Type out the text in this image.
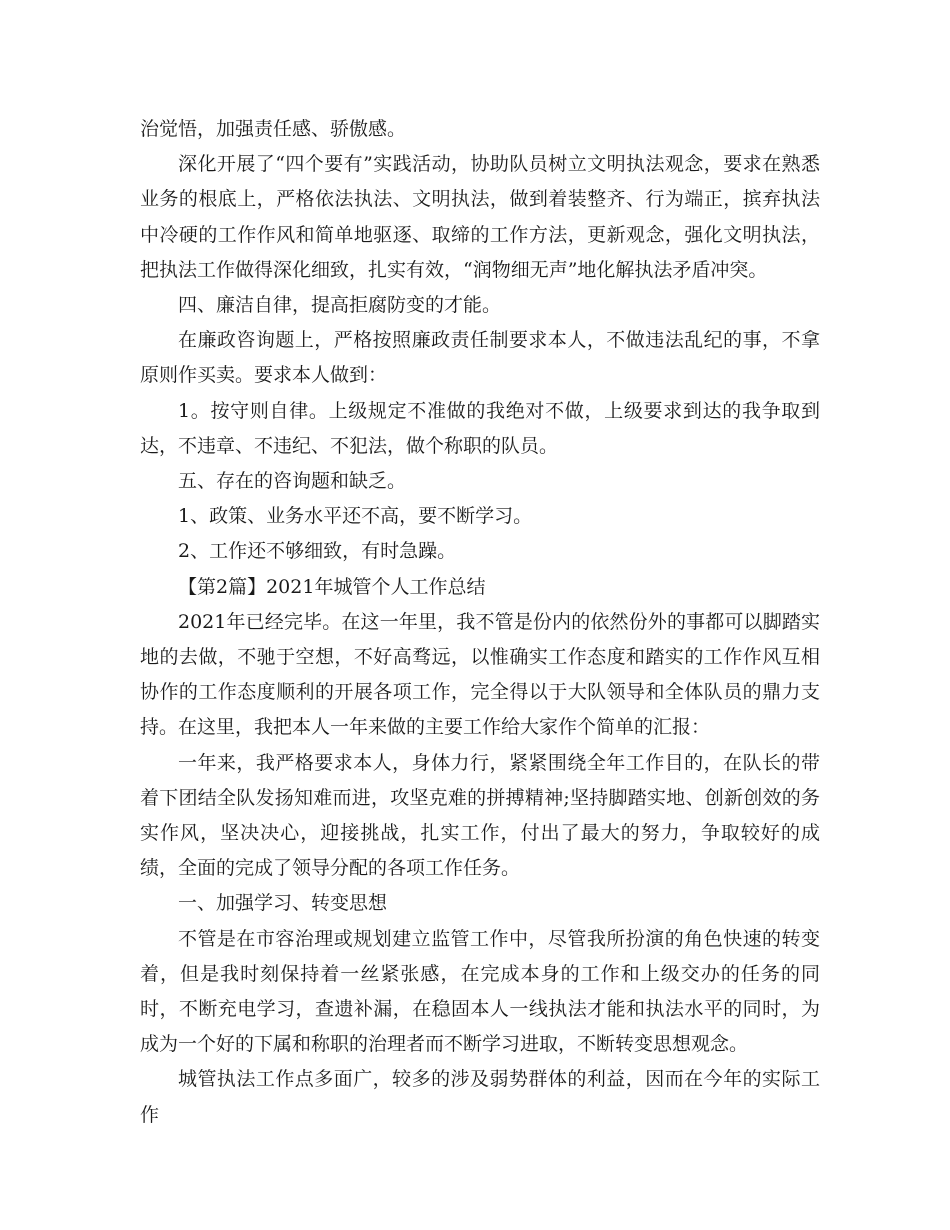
治觉悟，加强责任感、骄傲感。

深化开展了“四个要有”实践活动，协助队员树立文明执法观念，要求在熟悉业务的根底上，严格依法执法、文明执法，做到着装整齐、行为端正，摈弃执法中冷硬的工作作风和简单地驱逐、取缔的工作方法，更新观念，强化文明执法，把执法工作做得深化细致，扎实有效，“润物细无声”地化解执法矛盾冲突。

四、廉洁自律，提高拒腐防变的才能。

在廉政咨询题上，严格按照廉政责任制要求本人，不做违法乱纪的事，不拿原则作买卖。要求本人做到：

1。按守则自律。上级规定不准做的我绝对不做，上级要求到达的我争取到达，不违章、不违纪、不犯法，做个称职的队员。

五、存在的咨询题和缺乏。

1、政策、业务水平还不高，要不断学习。

2、工作还不够细致，有时急躁。

【第2篇】2021年城管个人工作总结

2021年已经完毕。在这一年里，我不管是份内的依然份外的事都可以脚踏实地的去做，不驰于空想，不好高骛远，以惟确实工作态度和踏实的工作作风互相协作的工作态度顺利的开展各项工作，完全得以于大队领导和全体队员的鼎力支持。在这里，我把本人一年来做的主要工作给大家作个简单的汇报：

一年来，我严格要求本人，身体力行，紧紧围绕全年工作目的，在队长的带着下团结全队发扬知难而进，攻坚克难的拼搏精神;坚持脚踏实地、创新创效的务实作风，坚决决心，迎接挑战，扎实工作，付出了最大的努力，争取较好的成绩，全面的完成了领导分配的各项工作任务。

一、加强学习、转变思想

不管是在市容治理或规划建立监管工作中，尽管我所扮演的角色快速的转变着，但是我时刻保持着一丝紧张感，在完成本身的工作和上级交办的任务的同时，不断充电学习，查遗补漏，在稳固本人一线执法才能和执法水平的同时，为成为一个好的下属和称职的治理者而不断学习进取，不断转变思想观念。

城管执法工作点多面广，较多的涉及弱势群体的利益，因而在今年的实际工作
